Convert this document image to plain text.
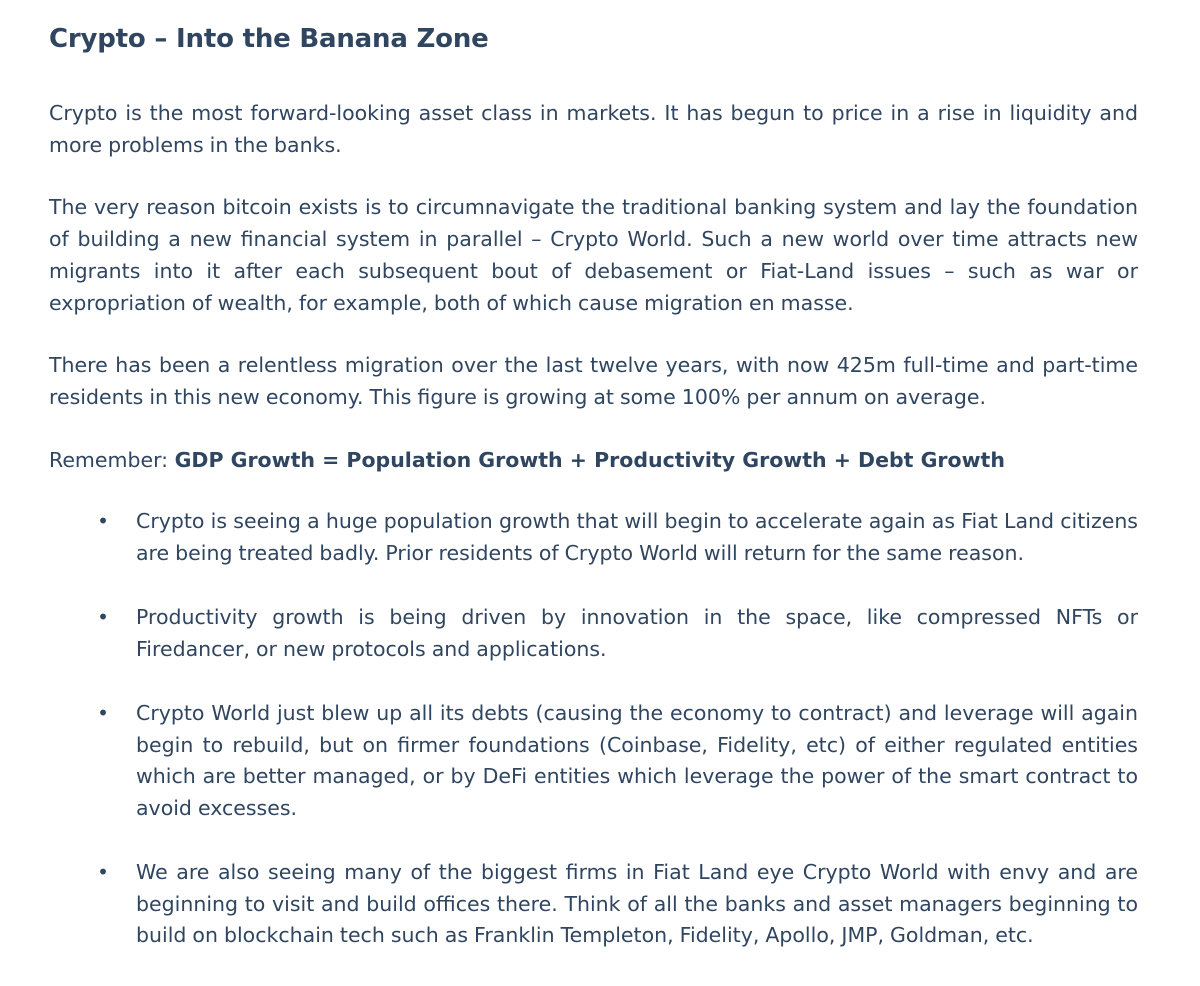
Crypto – Into the Banana Zone

Crypto is the most forward-looking asset class in markets. It has begun to price in a rise in liquidity and more problems in the banks.

The very reason bitcoin exists is to circumnavigate the traditional banking system and lay the foundation of building a new financial system in parallel – Crypto World. Such a new world over time attracts new migrants into it after each subsequent bout of debasement or Fiat-Land issues – such as war or expropriation of wealth, for example, both of which cause migration en masse.

There has been a relentless migration over the last twelve years, with now 425m full-time and part-time residents in this new economy. This figure is growing at some 100% per annum on average.

Remember: GDP Growth = Population Growth + Productivity Growth + Debt Growth

• Crypto is seeing a huge population growth that will begin to accelerate again as Fiat Land citizens are being treated badly. Prior residents of Crypto World will return for the same reason.
• Productivity growth is being driven by innovation in the space, like compressed NFTs or Firedancer, or new protocols and applications.
• Crypto World just blew up all its debts (causing the economy to contract) and leverage will again begin to rebuild, but on firmer foundations (Coinbase, Fidelity, etc) of either regulated entities which are better managed, or by DeFi entities which leverage the power of the smart contract to avoid excesses.
• We are also seeing many of the biggest firms in Fiat Land eye Crypto World with envy and are beginning to visit and build offices there. Think of all the banks and asset managers beginning to build on blockchain tech such as Franklin Templeton, Fidelity, Apollo, JMP, Goldman, etc.
